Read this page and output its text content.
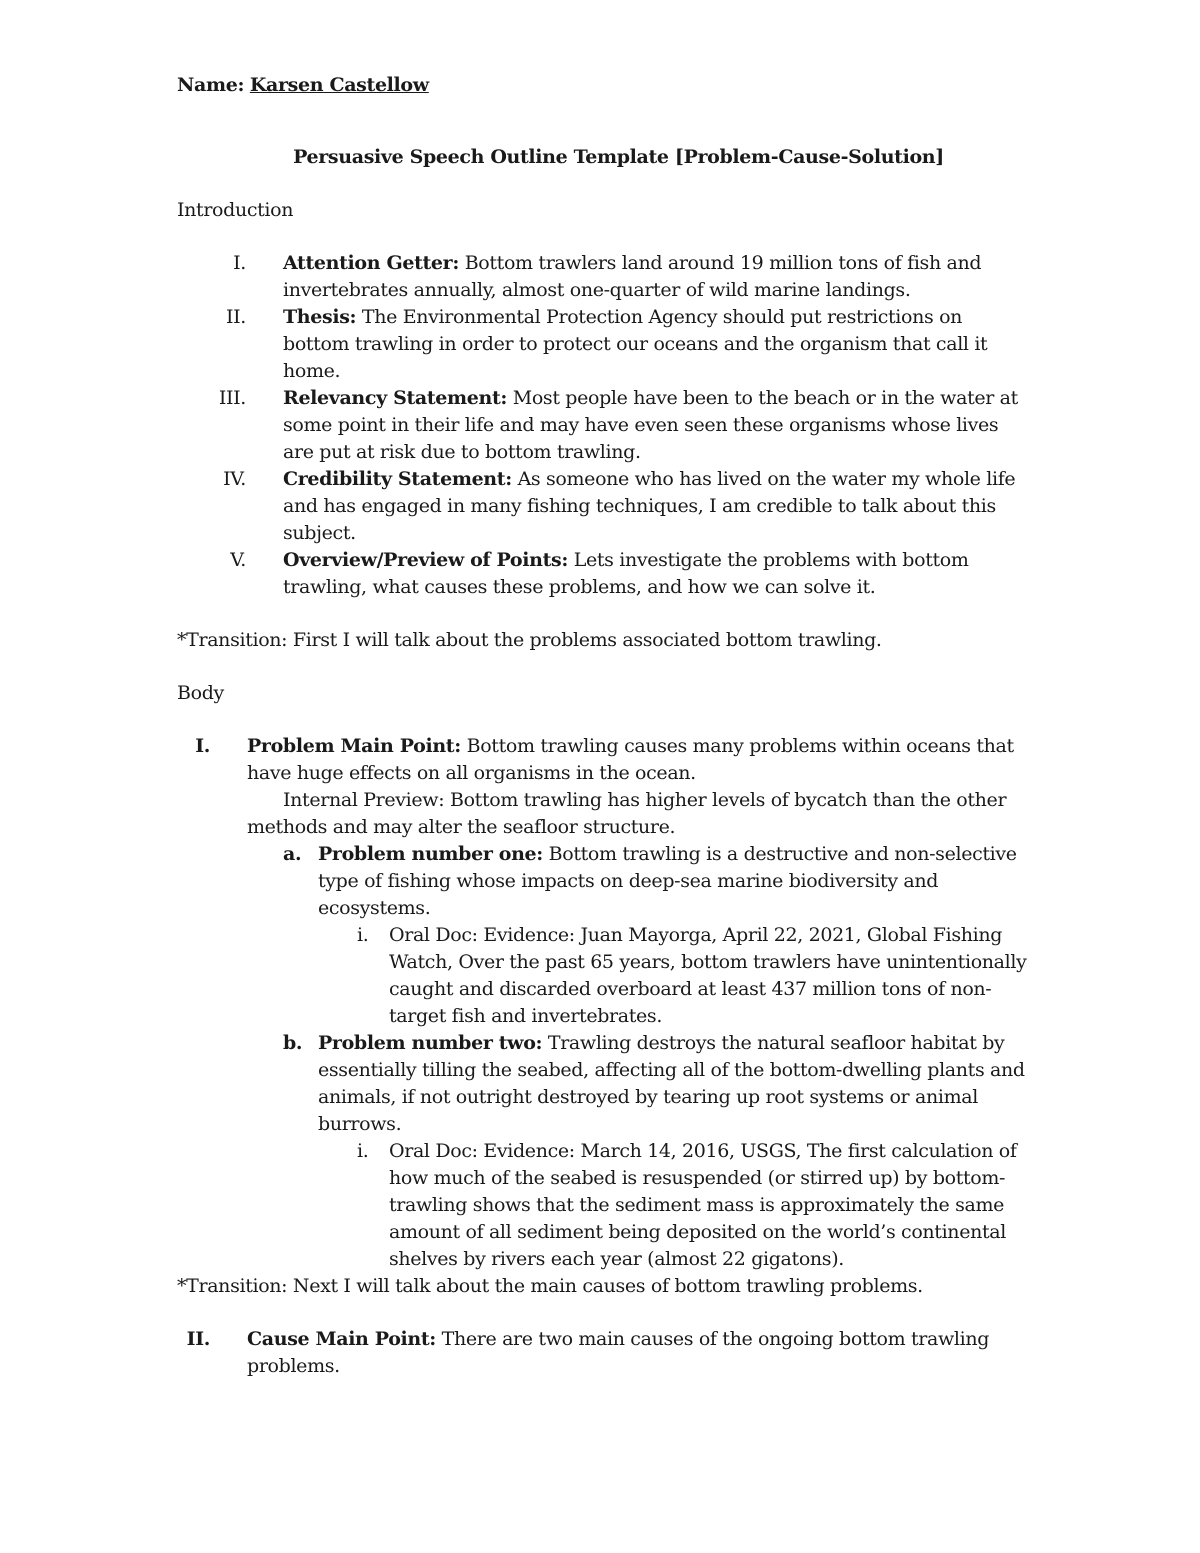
Name: Karsen Castellow

Persuasive Speech Outline Template [Problem-Cause-Solution]

Introduction

I. Attention Getter: Bottom trawlers land around 19 million tons of fish and invertebrates annually, almost one-quarter of wild marine landings.
II. Thesis: The Environmental Protection Agency should put restrictions on bottom trawling in order to protect our oceans and the organism that call it home.
III. Relevancy Statement: Most people have been to the beach or in the water at some point in their life and may have even seen these organisms whose lives are put at risk due to bottom trawling.
IV. Credibility Statement: As someone who has lived on the water my whole life and has engaged in many fishing techniques, I am credible to talk about this subject.
V. Overview/Preview of Points: Lets investigate the problems with bottom trawling, what causes these problems, and how we can solve it.

*Transition: First I will talk about the problems associated bottom trawling.

Body

I. Problem Main Point: Bottom trawling causes many problems within oceans that have huge effects on all organisms in the ocean.
Internal Preview: Bottom trawling has higher levels of bycatch than the other methods and may alter the seafloor structure.
a. Problem number one: Bottom trawling is a destructive and non-selective type of fishing whose impacts on deep-sea marine biodiversity and ecosystems.
i. Oral Doc: Evidence: Juan Mayorga, April 22, 2021, Global Fishing Watch, Over the past 65 years, bottom trawlers have unintentionally caught and discarded overboard at least 437 million tons of non-target fish and invertebrates.
b. Problem number two: Trawling destroys the natural seafloor habitat by essentially tilling the seabed, affecting all of the bottom-dwelling plants and animals, if not outright destroyed by tearing up root systems or animal burrows.
i. Oral Doc: Evidence: March 14, 2016, USGS, The first calculation of how much of the seabed is resuspended (or stirred up) by bottom-trawling shows that the sediment mass is approximately the same amount of all sediment being deposited on the world’s continental shelves by rivers each year (almost 22 gigatons).

*Transition: Next I will talk about the main causes of bottom trawling problems.

II. Cause Main Point: There are two main causes of the ongoing bottom trawling problems.
